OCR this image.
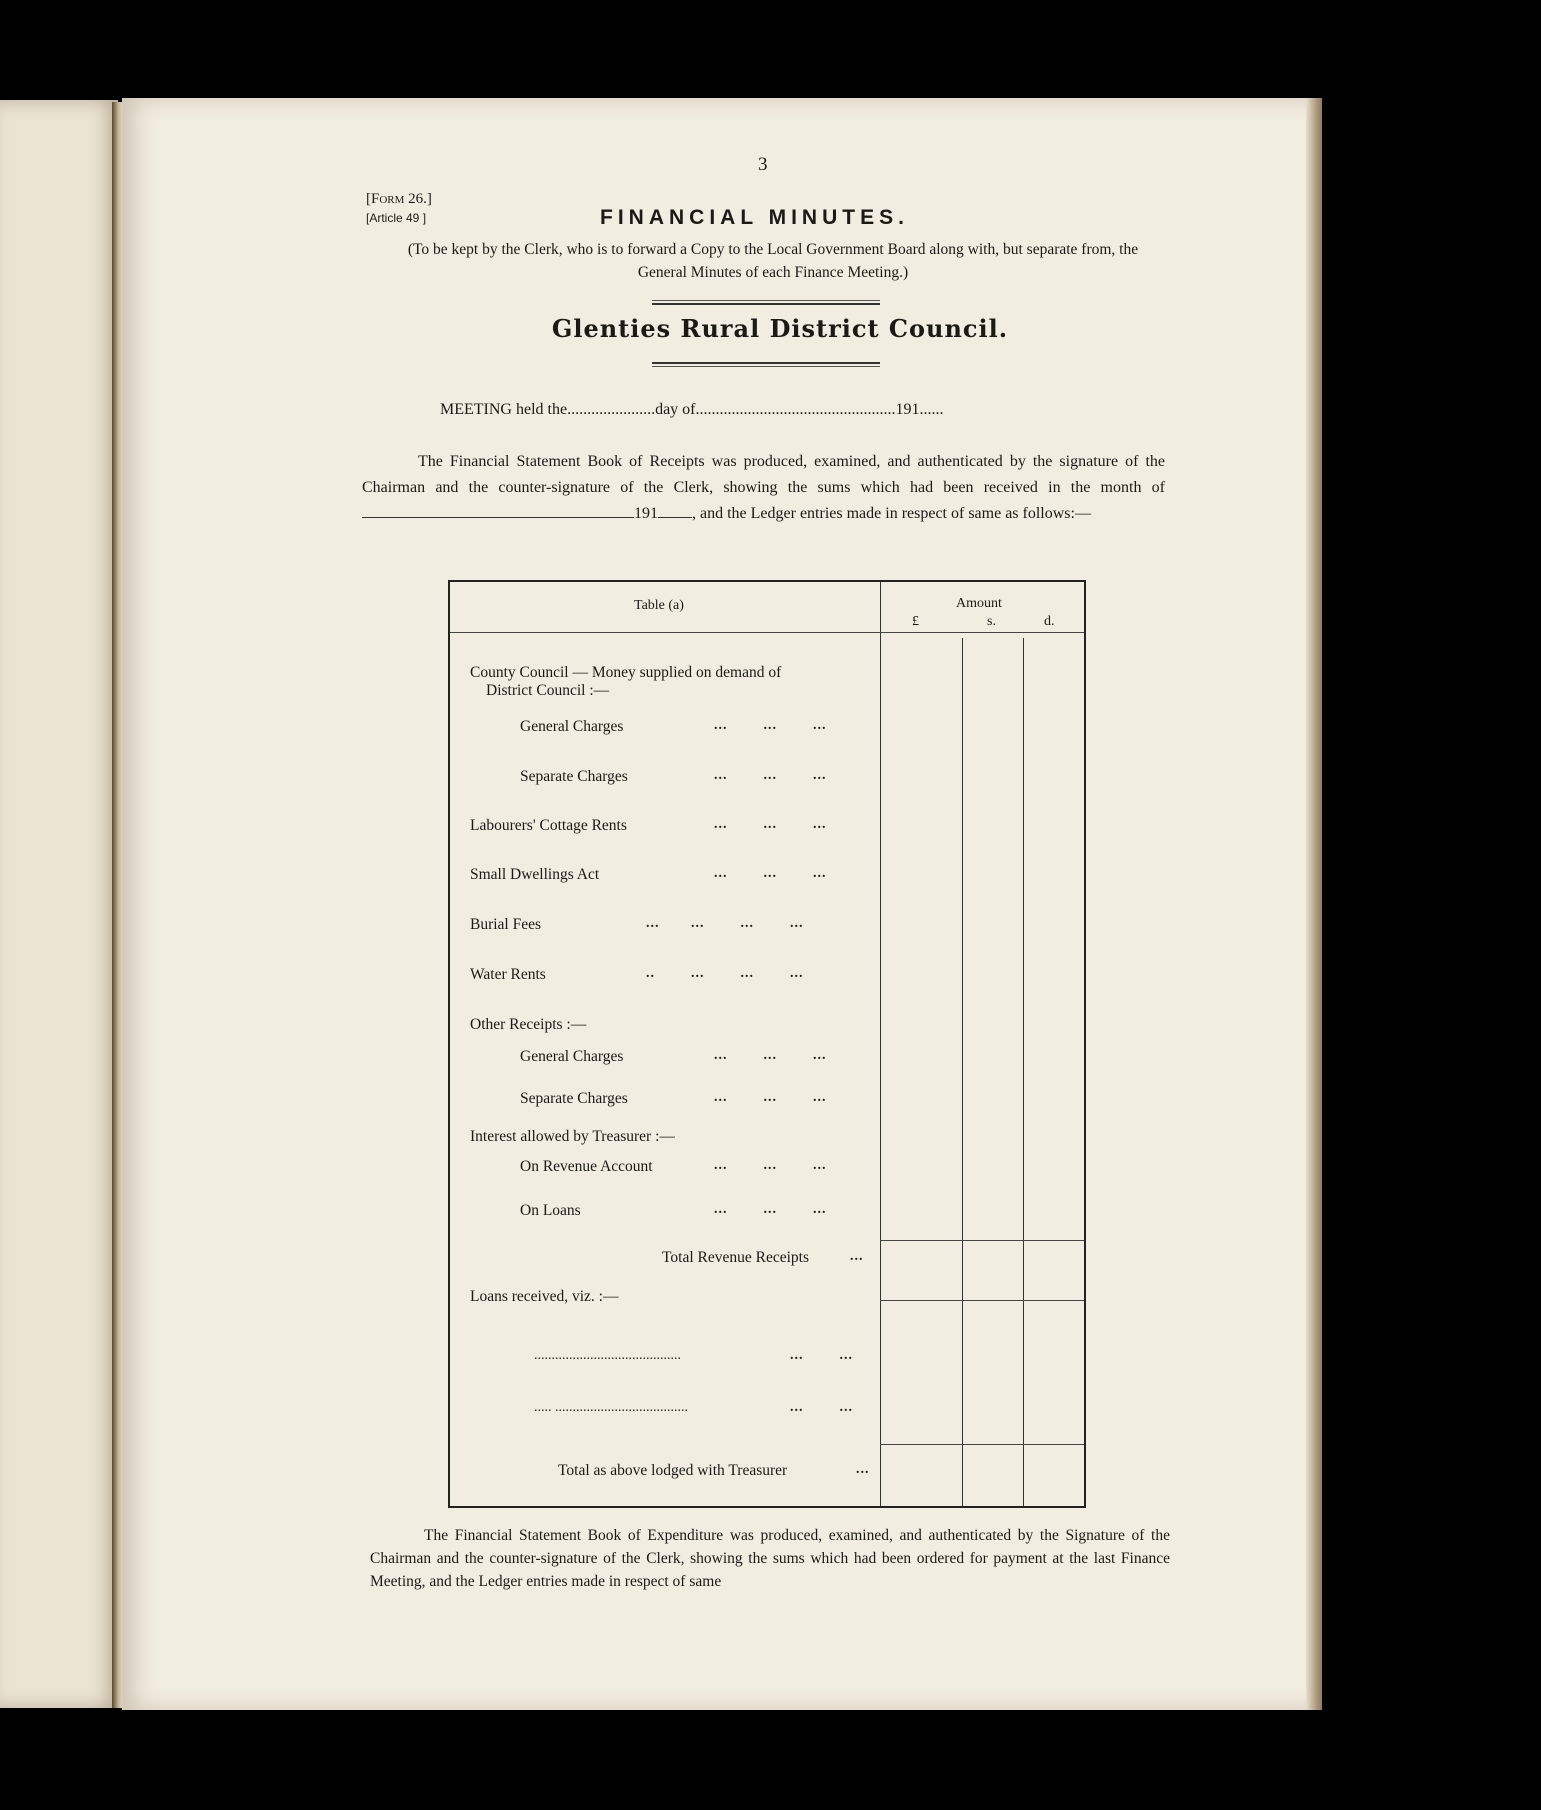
3
[Form 26.]
[Article 49 ]	FINANCIAL MINUTES.
(To be kept by the Clerk, who is to forward a Copy to the Local Government Board along with, but separate from, the General Minutes of each Finance Meeting.)
Glenties Rural District Council.
MEETING held the......................day of..................................................191......
The Financial Statement Book of Receipts was produced, examined, and authenticated by the signature of the Chairman and the counter-signature of the Clerk, showing the sums which had been received in the month of 191 , and the Ledger entries made in respect of same as follows:—
Table (a)	Amount
£	s.	d.
County Council — Money supplied on demand of
District Council :—
General Charges	...        ...        ...
Separate Charges	...        ...        ...
Labourers' Cottage Rents	...        ...        ...
Small Dwellings Act	...        ...        ...
Burial Fees	...       ...        ...        ...
Water Rents	..        ...        ...        ...
Other Receipts :—
General Charges	...        ...        ...
Separate Charges	...        ...        ...
Interest allowed by Treasurer :—
On Revenue Account	...        ...        ...
On Loans	...        ...        ...
Total Revenue Receipts	...
Loans received, viz. :—
..........................................	...        ...
..... ......................................	...        ...
Total as above lodged with Treasurer	...
The Financial Statement Book of Expenditure was produced, examined, and authenticated by the Signature of the Chairman and the counter-signature of the Clerk, showing the sums which had been ordered for payment at the last Finance Meeting, and the Ledger entries made in respect of same
